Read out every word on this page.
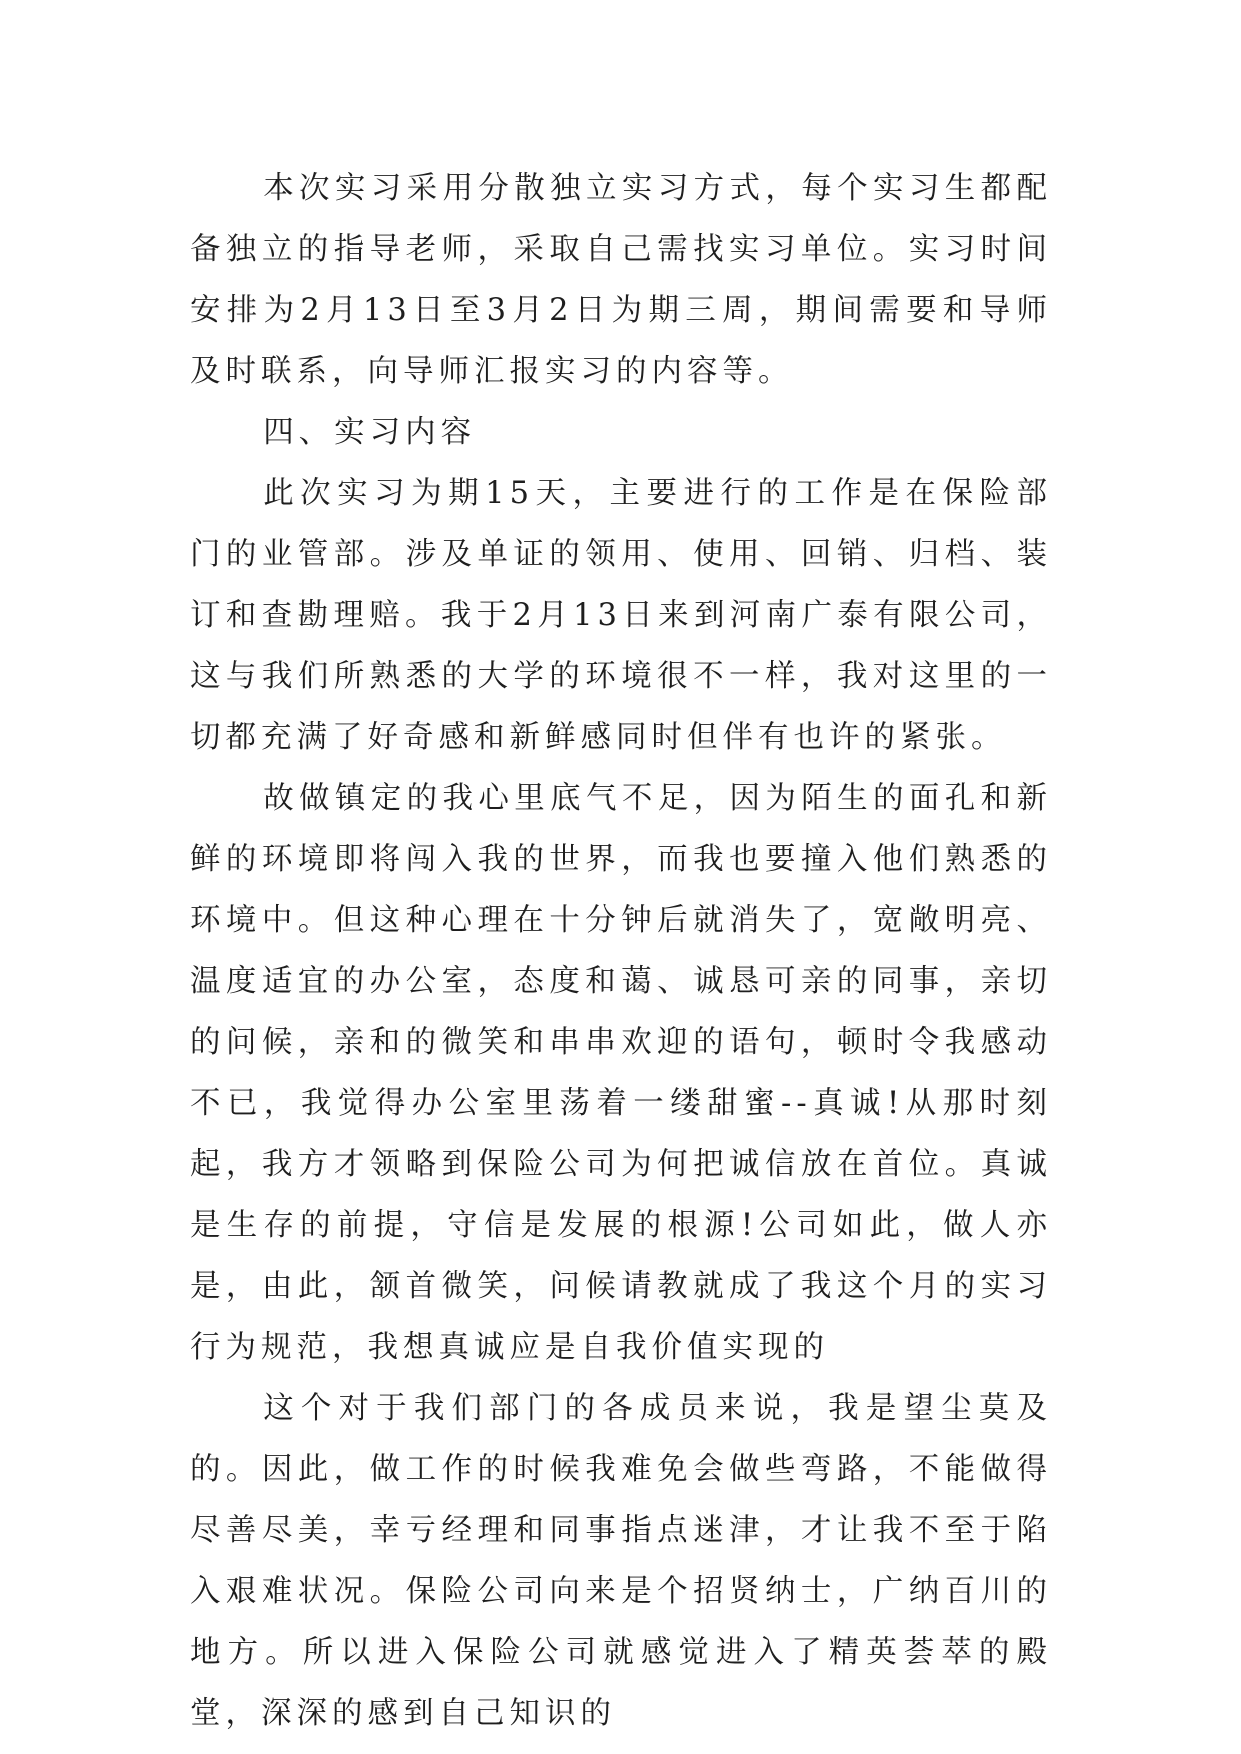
本次实习采用分散独立实习方式，每个实习生都配备独立的指导老师，采取自己需找实习单位。实习时间安排为2月13日至3月2日为期三周，期间需要和导师及时联系，向导师汇报实习的内容等。

四、实习内容

此次实习为期15天，主要进行的工作是在保险部门的业管部。涉及单证的领用、使用、回销、归档、装订和查勘理赔。我于2月13日来到河南广泰有限公司，这与我们所熟悉的大学的环境很不一样，我对这里的一切都充满了好奇感和新鲜感同时但伴有也许的紧张。

故做镇定的我心里底气不足，因为陌生的面孔和新鲜的环境即将闯入我的世界，而我也要撞入他们熟悉的环境中。但这种心理在十分钟后就消失了，宽敞明亮、温度适宜的办公室，态度和蔼、诚恳可亲的同事，亲切的问候，亲和的微笑和串串欢迎的语句，顿时令我感动不已，我觉得办公室里荡着一缕甜蜜--真诚!从那时刻起，我方才领略到保险公司为何把诚信放在首位。真诚是生存的前提，守信是发展的根源!公司如此，做人亦是，由此，颔首微笑，问候请教就成了我这个月的实习行为规范，我想真诚应是自我价值实现的

这个对于我们部门的各成员来说，我是望尘莫及的。因此，做工作的时候我难免会做些弯路，不能做得尽善尽美，幸亏经理和同事指点迷津，才让我不至于陷入艰难状况。保险公司向来是个招贤纳士，广纳百川的地方。所以进入保险公司就感觉进入了精英荟萃的殿堂，深深的感到自己知识的
